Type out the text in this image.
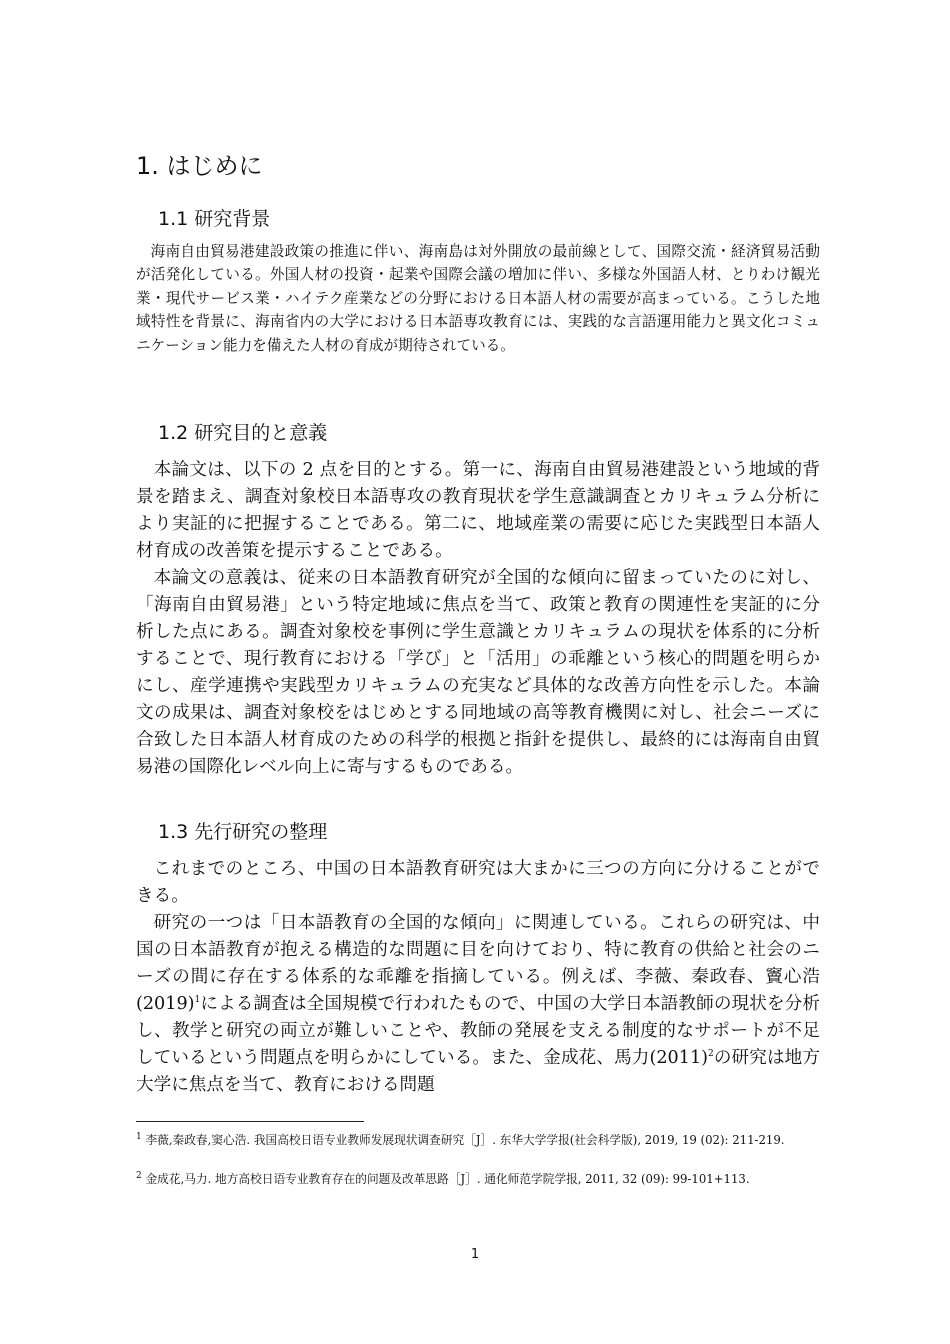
1. はじめに
1.1 研究背景

海南自由貿易港建設政策の推進に伴い、海南島は対外開放の最前線として、国際交流・経済貿易活動が活発化している。外国人材の投資・起業や国際会議の増加に伴い、多様な外国語人材、とりわけ観光業・現代サービス業・ハイテク産業などの分野における日本語人材の需要が高まっている。こうした地域特性を背景に、海南省内の大学における日本語専攻教育には、実践的な言語運用能力と異文化コミュニケーション能力を備えた人材の育成が期待されている。

1.2 研究目的と意義

本論文は、以下の 2 点を目的とする。第一に、海南自由貿易港建設という地域的背景を踏まえ、調査対象校日本語専攻の教育現状を学生意識調査とカリキュラム分析により実証的に把握することである。第二に、地域産業の需要に応じた実践型日本語人材育成の改善策を提示することである。

本論文の意義は、従来の日本語教育研究が全国的な傾向に留まっていたのに対し、「海南自由貿易港」という特定地域に焦点を当て、政策と教育の関連性を実証的に分析した点にある。調査対象校を事例に学生意識とカリキュラムの現状を体系的に分析することで、現行教育における「学び」と「活用」の乖離という核心的問題を明らかにし、産学連携や実践型カリキュラムの充実など具体的な改善方向性を示した。本論文の成果は、調査対象校をはじめとする同地域の高等教育機関に対し、社会ニーズに合致した日本語人材育成のための科学的根拠と指針を提供し、最終的には海南自由貿易港の国際化レベル向上に寄与するものである。

1.3 先行研究の整理

これまでのところ、中国の日本語教育研究は大まかに三つの方向に分けることができる。

研究の一つは「日本語教育の全国的な傾向」に関連している。これらの研究は、中国の日本語教育が抱える構造的な問題に目を向けており、特に教育の供給と社会のニーズの間に存在する体系的な乖離を指摘している。例えば、李薇、秦政春、竇心浩$(2019)^1$による調査は全国規模で行われたもので、中国の大学日本語教師の現状を分析し、教学と研究の両立が難しいことや、教師の発展を支える制度的なサポートが不足しているという問題点を明らかにしている。また、金成花、馬力$(2011)^2$の研究は地方大学に焦点を当て、教育における問題

$^1$ 李薇,秦政春,窦心浩. 我国高校日语专业教师发展现状调查研究［J］. 东华大学学报(社会科学版), 2019, 19 (02): 211-219.
$^2$ 金成花,马力. 地方高校日语专业教育存在的问题及改革思路［J］. 通化师范学院学报, 2011, 32 (09): 99-101+113.
1
